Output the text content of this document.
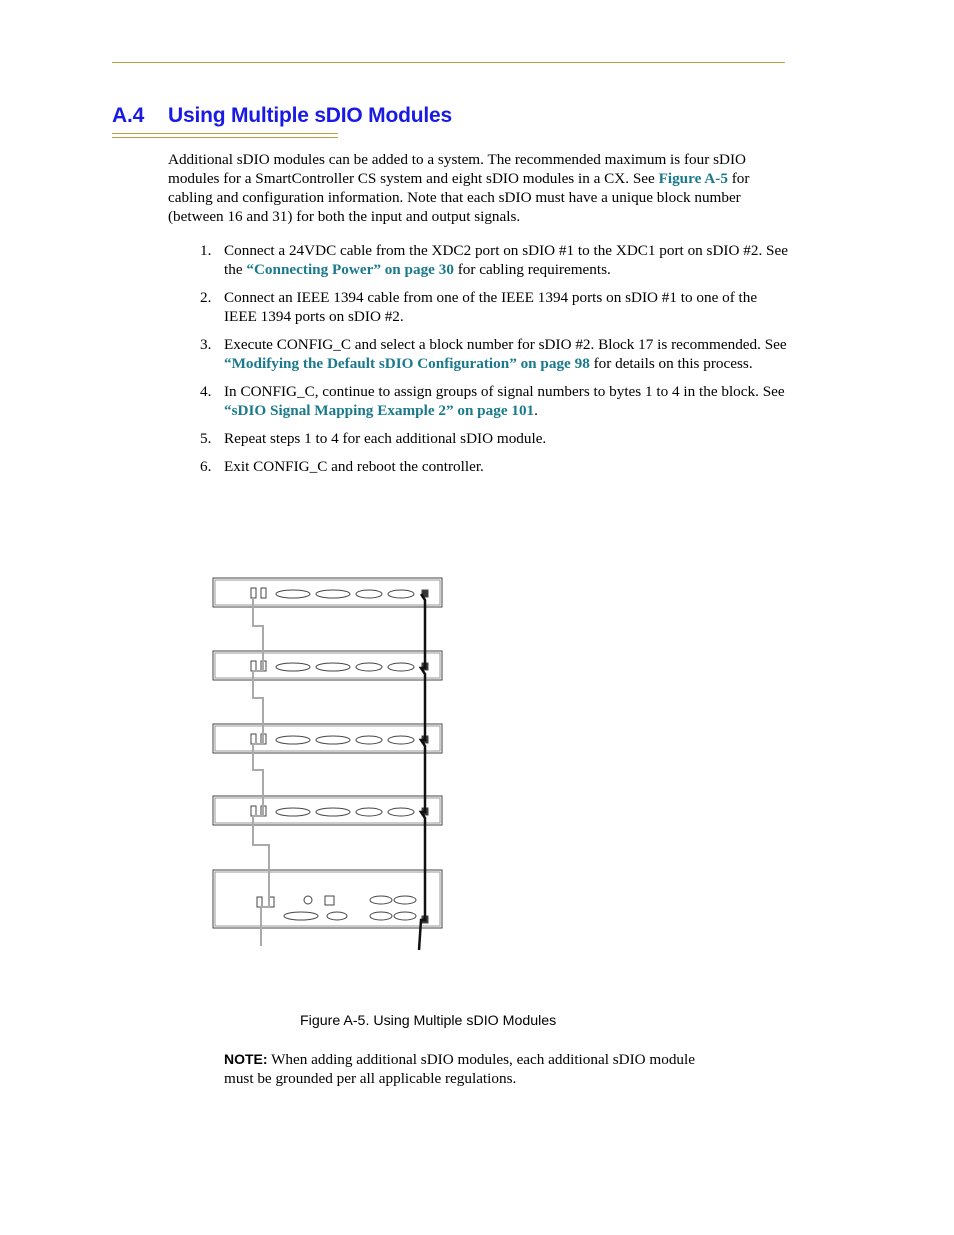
A.4 Using Multiple sDIO Modules

Additional sDIO modules can be added to a system. The recommended maximum is four sDIO modules for a SmartController CS system and eight sDIO modules in a CX. See Figure A-5 for cabling and configuration information. Note that each sDIO must have a unique block number (between 16 and 31) for both the input and output signals.

1. Connect a 24VDC cable from the XDC2 port on sDIO #1 to the XDC1 port on sDIO #2. See the “Connecting Power” on page 30 for cabling requirements.
2. Connect an IEEE 1394 cable from one of the IEEE 1394 ports on sDIO #1 to one of the IEEE 1394 ports on sDIO #2.
3. Execute CONFIG_C and select a block number for sDIO #2. Block 17 is recommended. See “Modifying the Default sDIO Configuration” on page 98 for details on this process.
4. In CONFIG_C, continue to assign groups of signal numbers to bytes 1 to 4 in the block. See “sDIO Signal Mapping Example 2” on page 101.
5. Repeat steps 1 to 4 for each additional sDIO module.
6. Exit CONFIG_C and reboot the controller.

Figure A-5. Using Multiple sDIO Modules

NOTE: When adding additional sDIO modules, each additional sDIO module must be grounded per all applicable regulations.
